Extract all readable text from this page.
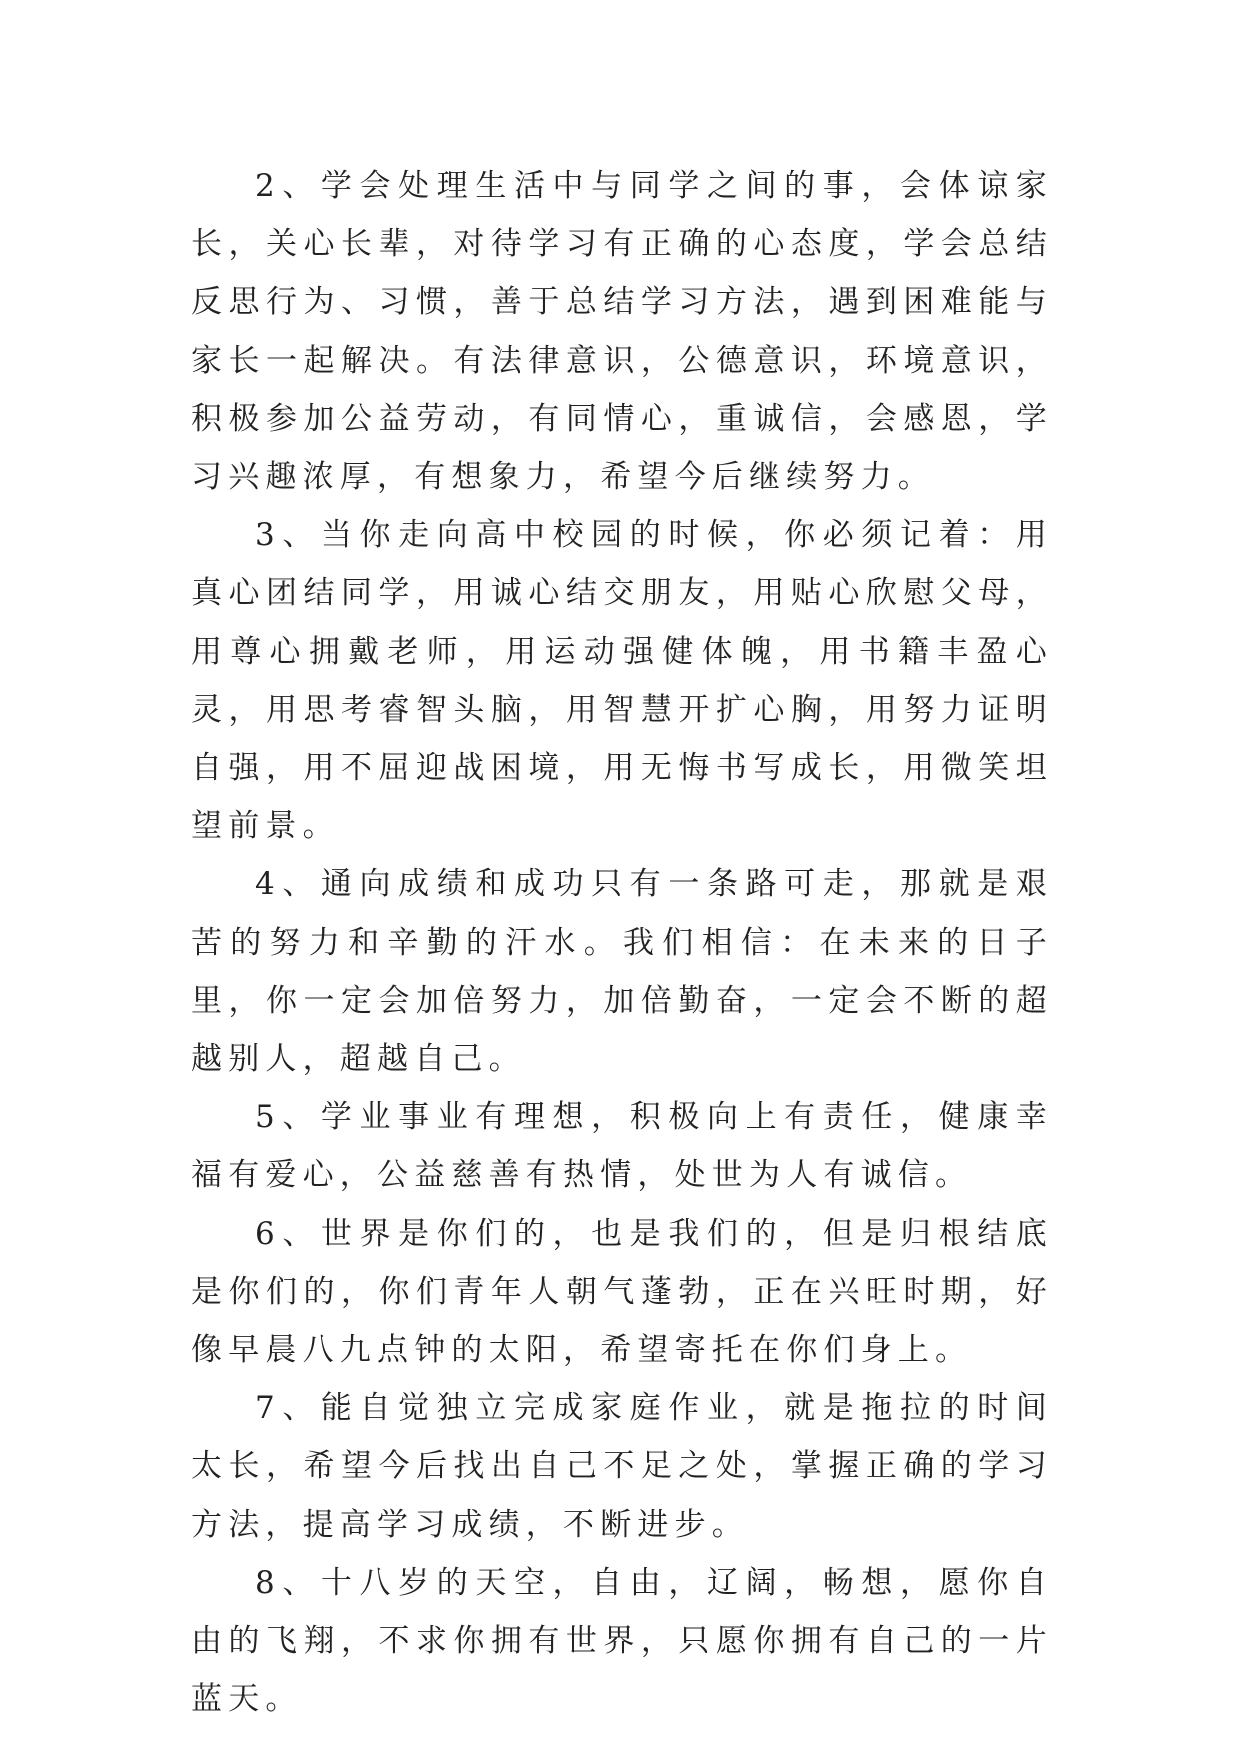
2、学会处理生活中与同学之间的事，会体谅家长，关心长辈，对待学习有正确的心态度，学会总结反思行为、习惯，善于总结学习方法，遇到困难能与家长一起解决。有法律意识，公德意识，环境意识，积极参加公益劳动，有同情心，重诚信，会感恩，学习兴趣浓厚，有想象力，希望今后继续努力。

3、当你走向高中校园的时候，你必须记着：用真心团结同学，用诚心结交朋友，用贴心欣慰父母，用尊心拥戴老师，用运动强健体魄，用书籍丰盈心灵，用思考睿智头脑，用智慧开扩心胸，用努力证明自强，用不屈迎战困境，用无悔书写成长，用微笑坦望前景。

4、通向成绩和成功只有一条路可走，那就是艰苦的努力和辛勤的汗水。我们相信：在未来的日子里，你一定会加倍努力，加倍勤奋，一定会不断的超越别人，超越自己。

5、学业事业有理想，积极向上有责任，健康幸福有爱心，公益慈善有热情，处世为人有诚信。

6、世界是你们的，也是我们的，但是归根结底是你们的，你们青年人朝气蓬勃，正在兴旺时期，好像早晨八九点钟的太阳，希望寄托在你们身上。

7、能自觉独立完成家庭作业，就是拖拉的时间太长，希望今后找出自己不足之处，掌握正确的学习方法，提高学习成绩，不断进步。

8、十八岁的天空，自由，辽阔，畅想，愿你自由的飞翔，不求你拥有世界，只愿你拥有自己的一片蓝天。
